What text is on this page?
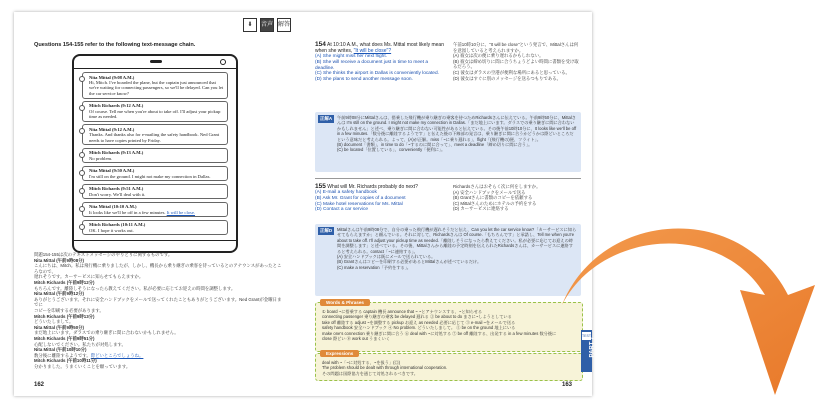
⬇	音声 解答
Questions 154-155 refer to the following text-message chain.
Nita Mittal (9:08 A.M.)
Hi, Mitch. I've boarded the plane, but the captain just announced that we're waiting for connecting passengers, so we'll be delayed. Can you let the car service know?
Mitch Richards (9:12 A.M.)
Of course. Tell me when you're about to take off. I'll adjust your pickup time as needed.
Nita Mittal (9:12 A.M.)
Thanks. And thanks also for e-mailing the safety handbook. Ned Grant needs to have copies printed by Friday.
Mitch Richards (9:13 A.M.)
No problem.
Nita Mittal (9:50 A.M.)
I'm still on the ground. I might not make my connection in Dallas.
Mitch Richards (9:51 A.M.)
Don't worry. We'll deal with it.
Nita Mittal (10:10 A.M.)
It looks like we'll be off in a few minutes. It will be close.
Mitch Richards (10:11 A.M.)
OK. I hope it works out.

問題154-155は次のテキストメッセージのやりとりに関するものです。

Nita Mittal (午前9時08分)

こんにちは、Mitch。私は飛行機に乗りましたが、しかし、機長から乗り継ぎの乗客を待っているとのアナウンスがあったところなので、

遅れそうです。カーサービスに知らせてもらえますか。

Mitch Richards (午前9時12分)

もちろんです。離陸しそうになったら教えてください。私が必要に応じてお迎えの時間を調整します。

Nita Mittal (午前9時12分)

ありがとうございます。それに安全ハンドブックをメールで送ってくれたこともありがとうございます。Ned Grantが金曜日までに

コピーを印刷する必要があります。

Mitch Richards (午前9時13分)

どういたしまして。

Nita Mittal (午前9時50分)

まだ地上にいます。ダラスでの乗り継ぎに間に合わないかもしれません。

Mitch Richards (午前9時51分)

心配しないでください。私たちが対処します。

Nita Mittal (午前10時10分)

数分後に離陸するようです。際どいところでしょうね。

Mitch Richards (午前10時11分)

分かりました。うまくいくことを願っています。

162
154 At 10:10 A.M., what does Ms. Mittal most likely mean when she writes, "It will be close"?
(A) She might miss her next flight.
(B) She will receive a document just in time to meet a deadline.
(C) She thinks the airport in Dallas is conveniently located.
(D) She plans to send another message soon.
午前10時10分に、"It will be close"という発言で、Mittalさんは何を意図していると考えられますか。
(A) 彼女は次の便に乗り遅れるかもしれない。
(B) 彼女は締め切りに間に合うちょうどよい時間に書類を受け取るだろう。
(C) 彼女はダラスの空港が便利な場所にあると思っている。
(D) 彼女はすぐに別のメッセージを送るつもりである。
正解A	午前9時08分にMittalさんは、搭乗した飛行機が乗り継ぎの乗客を待つためRichardsさんに伝えている。午前9時50分に、Mittalさんは I'm still on the ground. I might not make my connection in Dallas.「まだ地上にいます。ダラスでの乗り継ぎに間に合わないかもしれません」と述べ、乗り継ぎに間に合わない可能性があると伝えている。その後午前10時10分に、It looks like we'll be off in a few minutes.「数分後に離陸するようです」と伝えた後の下線部の発言は、乗り継ぎに間に合うかどうかは際どいところだという意味だと考えられる。よって、(A)が正解。miss「~に乗り遅れる」、flight「(飛行機の)便、フライト」。
(B) document「書類」、in time to do「~するのに間に合って」、meet a deadline「締め切りに間に合う」。
(C) be located「位置している」、conveniently「便利に」。
155 What will Mr. Richards probably do next?
(A) E-mail a safety handbook
(B) Ask Mr. Grant for copies of a document
(C) Make hotel reservations for Ms. Mittal
(D) Contact a car service
Richardsさんはおそらく次に何をしますか。
(A) 安全ハンドブックをメールで送る
(B) Grantさんに書類のコピーを依頼する
(C) Mittalさんのためにホテルの予約をする
(D) カーサービスに連絡する
正解D	Mittalさんは午前9時08分で、自分の乗った飛行機が遅れそうだと伝え、Can you let the car service know?「カーサービスに知らせてもらえますか」と頼んでいる。それに対して、Richardsさんは Of course.「もちろんです」と承諾し、Tell me when you're about to take off. I'll adjust your pickup time as needed.「離陸しそうになったら教えてください。私が必要に応じてお迎えの時間を調整します」と述べている。その後、Mittalさんから離陸の予定時刻を伝えられたRichardsさんは、カーサービスに連絡すると考えられる。contact「~に連絡する」。
(A) 安全ハンドブックは既にメールで送られている。
(B) Grantさんはコピーを印刷する必要があるとMittalさんが述べているだけ。
(C) make a reservation「予約をする」。
Words & Phrases
① board ~に搭乗する captain 機長 announce that ~ ~とアナウンスする、~と知らせる
connecting passenger 乗り継ぎの乗客 be delayed 遅れる ② be about to do まさに~しようとしている
take off 離陸する adjust ~を調整する pickup お迎え as needed 必要に応じて ③ e-mail ~をメールで送る
safety handbook 安全ハンドブック ④ No problem. どういたしまして。 ⑤ be on the ground 地上にいる
make one's connection 乗り継ぎに間に合う ⑥ deal with ~に対処する ⑦ be off 離陸する、出発する in a few minutes 数分後に
close 際どい ⑧ work out うまくいく
Expressions
deal with ~「~に対処する、~を扱う」(◎)
The problem should be dealt with through international cooperation.
その問題は国際協力を通じて対処されるべきです。
TEST
PART 7
163
